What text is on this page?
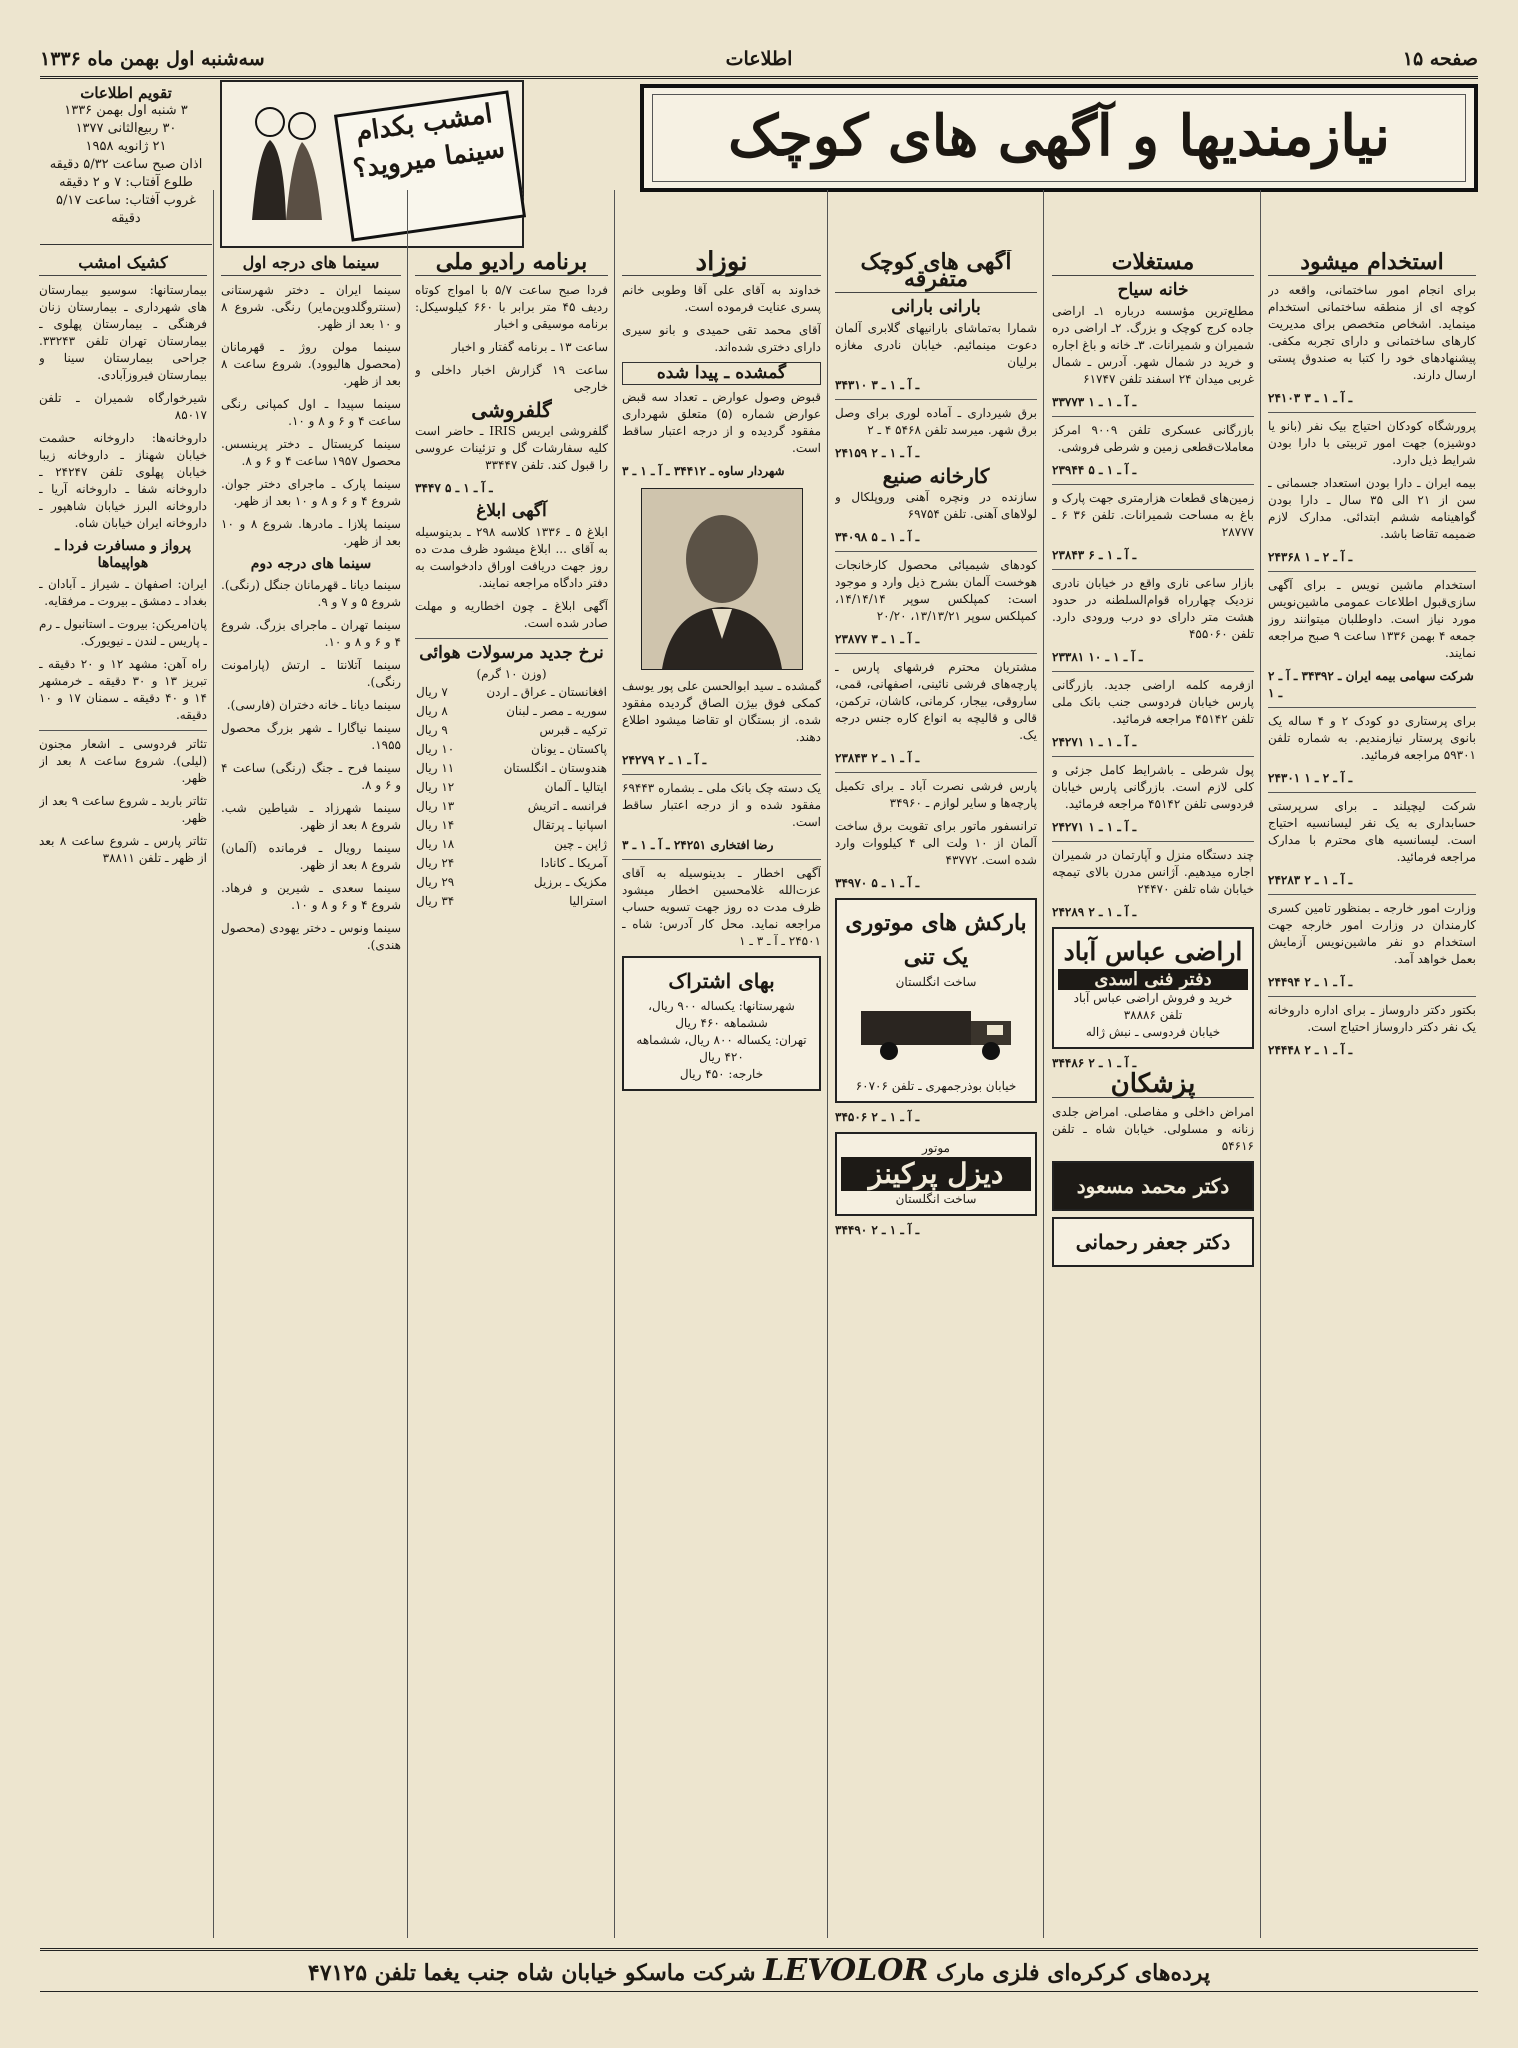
صفحه ۱۵
اطلاعات
سه‌شنبه اول بهمن ماه ۱۳۳۶
تقویم اطلاعات
۳ شنبه اول بهمن ۱۳۳۶
۳۰ ربیع‌الثانی ۱۳۷۷
۲۱ ژانویه ۱۹۵۸
اذان صبح ساعت ۵/۳۲ دقیقه
طلوع آفتاب: ۷ و ۲ دقیقه
غروب آفتاب: ساعت ۵/۱۷ دقیقه
امشب بکدام سینما میروید؟	نیازمندیها و آگهی های کوچک
استخدام میشود
برای انجام امور ساختمانی، واقعه در کوچه ای از منطقه ساختمانی استخدام مینماید. اشخاص متخصص برای مدیریت کارهای ساختمانی و دارای تجربه مکفی. پیشنهادهای خود را کتبا به صندوق پستی ارسال دارند.
۲۴۱۰۳ ـ آ ـ ۱ ـ ۳
پرورشگاه کودکان احتیاج بیک نفر (بانو یا دوشیزه) جهت امور تربیتی با دارا بودن شرایط ذیل دارد.
بیمه ایران ـ دارا بودن استعداد جسمانی ـ سن از ۲۱ الی ۳۵ سال ـ دارا بودن گواهینامه ششم ابتدائی. مدارک لازم ضمیمه تقاضا باشد.
۲۴۳۶۸ ـ آ ـ ۲ ـ ۱
استخدام ماشین نویس ـ برای آگهی سازی‌قبول اطلاعات عمومی ماشین‌نویس مورد نیاز است. داوطلبان میتوانند روز جمعه ۴ بهمن ۱۳۳۶ ساعت ۹ صبح مراجعه نمایند.
شرکت سهامی بیمه ایران ـ ۳۴۳۹۲ ـ آ ـ ۲ ـ ۱
برای پرستاری دو کودک ۲ و ۴ ساله یک بانوی پرستار نیازمندیم. به شماره تلفن ۵۹۳۰۱ مراجعه فرمائید.
۲۴۳۰۱ ـ آ ـ ۲ ـ ۱
شرکت لیچیلند ـ برای سرپرستی حسابداری به یک نفر لیسانسیه احتیاج است. لیسانسیه های محترم با مدارک مراجعه فرمائید.
۲۴۲۸۳ ـ آ ـ ۱ ـ ۲
وزارت امور خارجه ـ بمنظور تامین کسری کارمندان در وزارت امور خارجه جهت استخدام دو نفر ماشین‌نویس آزمایش بعمل خواهد آمد.
۲۴۴۹۴ ـ آ ـ ۱ ـ ۲
بکتور دکتر داروساز ـ برای اداره داروخانه یک نفر دکتر داروساز احتیاج است.
۲۴۴۴۸ ـ آ ـ ۱ ـ ۲
مستغلات
خانه سیاح
مطلع‌ترین مؤسسه درباره ۱ـ اراضی جاده کرج کوچک و بزرگ. ۲ـ اراضی دره شمیران و شمیرانات. ۳ـ خانه و باغ اجاره و خرید در شمال شهر. آدرس ـ شمال غربی میدان ۲۴ اسفند تلفن ۶۱۷۴۷
۳۳۷۷۳ ـ آ ـ ۱ ـ ۱
بازرگانی عسکری تلفن ۹۰۰۹ امرکز معاملات‌قطعی زمین و شرطی فروشی.
۲۳۹۴۴ ـ آ ـ ۱ ـ ۵
زمین‌های قطعات هزارمتری جهت پارک و باغ به مساحت شمیرانات. تلفن ۳۶ ۶ ـ ۲۸۷۷۷
۲۳۸۴۳ ـ آ ـ ۱ ـ ۶
بازار ساعی ناری واقع در خیابان نادری نزدیک چهارراه قوام‌السلطنه در حدود هشت متر دارای دو درب ورودی دارد. تلفن ۴۵۵۰۶۰
۲۳۳۸۱ ـ آ ـ ۱ ـ ۱۰
ازفرمه کلمه اراضی جدید. بازرگانی پارس خیابان فردوسی جنب بانک ملی تلفن ۴۵۱۴۲ مراجعه فرمائید.
۲۴۲۷۱ ـ آ ـ ۱ ـ ۱
پول شرطی ـ باشرایط کامل جزئی و کلی لازم است. بازرگانی پارس خیابان فردوسی تلفن ۴۵۱۴۲ مراجعه فرمائید.
۲۴۲۷۱ ـ آ ـ ۱ ـ ۱
چند دستگاه منزل و آپارتمان در شمیران اجاره میدهیم. آژانس مدرن بالای تیمچه خیابان شاه تلفن ۲۴۴۷۰
۲۴۲۸۹ ـ آ ـ ۱ ـ ۲
اراضی عباس آباد
دفتر فنی اسدی
خرید و فروش اراضی عباس آباد
تلفن ۳۸۸۸۶
خیابان فردوسی ـ نبش ژاله
۳۴۴۸۶ ـ آ ـ ۱ ـ ۲
پزشکان
امراض داخلی و مفاصلی. امراض جلدی زنانه و مسلولی. خیابان شاه ـ تلفن ۵۴۶۱۶
دکتر محمد مسعود
دکتر جعفر رحمانی
آگهی های کوچک متفرقه
بارانی بارانی
شمارا به‌تماشای بارانیهای گلابری آلمان دعوت مینمائیم. خیابان نادری مغازه برلیان
۳۴۳۱۰ ـ آ ـ ۱ ـ ۳
برق شیرداری ـ آماده لوری برای وصل برق شهر. میرسد تلفن ۵۴۶۸ ۴ ـ ۲
۲۴۱۵۹ ـ آ ـ ۱ ـ ۲
کارخانه صنیع
سازنده در ونچره آهنی وروپلکال و لولاهای آهنی. تلفن ۶۹۷۵۴
۳۴۰۹۸ ـ آ ـ ۱ ـ ۵
کودهای شیمیائی محصول کارخانجات هوخست آلمان بشرح ذیل وارد و موجود است: کمپلکس سوپر ۱۴/۱۴/۱۴، کمپلکس سوپر ۱۳/۱۳/۲۱، ۲۰/۲۰
۲۳۸۷۷ ـ آ ـ ۱ ـ ۳
مشتریان محترم فرشهای پارس ـ پارچه‌های فرشی نائینی، اصفهانی، قمی، ساروقی، بیجار، کرمانی، کاشان، ترکمن، قالی و قالیچه به انواع کاره جنس درجه یک.
۲۳۸۴۳ ـ آ ـ ۱ ـ ۲
پارس فرشی نصرت آباد ـ برای تکمیل پارچه‌ها و سایر لوازم ـ ۳۴۹۶۰
ترانسفور ماتور برای تقویت برق ساخت آلمان از ۱۰ ولت الی ۴ کیلووات وارد شده است. ۴۳۷۷۲
۳۴۹۷۰ ـ آ ـ ۱ ـ ۵
بارکش های موتوری یک تنی
ساخت انگلستان
خیابان بوذرجمهری ـ تلفن ۶۰۷۰۶
۳۴۵۰۶ ـ آ ـ ۱ ـ ۲
موتور
دیزل پرکینز
ساخت انگلستان
۳۴۴۹۰ ـ آ ـ ۱ ـ ۲
نوزاد
خداوند به آقای علی آقا وطوبی خانم پسری عنایت فرموده است.
آقای محمد تقی حمیدی و بانو سیری دارای دختری شده‌اند.
گمشده ـ پیدا شده
قبوض وصول عوارض ـ تعداد سه قبض عوارض شماره (۵) متعلق شهرداری مفقود گردیده و از درجه اعتبار ساقط است.
شهردار ساوه ـ ۳۴۴۱۲ ـ آ ـ ۱ ـ ۳
گمشده ـ سید ابوالحسن علی پور یوسف کمکی فوق بیژن الصاق گردیده مفقود شده. از بستگان او تقاضا میشود اطلاع دهند.
۲۴۲۷۹ ـ آ ـ ۱ ـ ۲
یک دسته چک بانک ملی ـ بشماره ۶۹۴۴۳ مفقود شده و از درجه اعتبار ساقط است.
رضا افتخاری ۲۴۲۵۱ ـ آ ـ ۱ ـ ۳
آگهی اخطار ـ بدینوسیله به آقای عزت‌الله غلامحسین اخطار میشود ظرف مدت ده روز جهت تسویه حساب مراجعه نماید. محل کار آدرس: شاه ـ ۲۴۵۰۱ ـ آ ـ ۳ ـ ۱
بهای اشتراک
شهرستانها: یکساله ۹۰۰ ریال، ششماهه ۴۶۰ ریال
تهران: یکساله ۸۰۰ ریال، ششماهه ۴۲۰ ریال
خارجه: ۴۵۰ ریال
برنامه رادیو ملی
فردا صبح ساعت ۵/۷ با امواج کوتاه ردیف ۴۵ متر برابر با ۶۶۰ کیلوسیکل: برنامه موسیقی و اخبار
ساعت ۱۳ ـ برنامه گفتار و اخبار
ساعت ۱۹ گزارش اخبار داخلی و خارجی
گلفروشی
گلفروشی ایریس IRIS ـ حاضر است کلیه سفارشات گل و تزئینات عروسی را قبول کند. تلفن ۳۳۴۴۷
۳۴۴۷ ـ آ ـ ۱ ـ ۵
آگهی ابلاغ
ابلاغ ۵ ـ ۱۳۳۶ کلاسه ۲۹۸ ـ بدینوسیله به آقای ... ابلاغ میشود ظرف مدت ده روز جهت دریافت اوراق دادخواست به دفتر دادگاه مراجعه نمایند.
آگهی ابلاغ ـ چون اخطاریه و مهلت صادر شده است.
نرخ جدید مرسولات هوائی
(وزن ۱۰ گرم)
افغانستان ـ عراق ـ اردن	۷ ریال
سوریه ـ مصر ـ لبنان	۸ ریال
ترکیه ـ قبرس	۹ ریال
پاکستان ـ یونان	۱۰ ریال
هندوستان ـ انگلستان	۱۱ ریال
ایتالیا ـ آلمان	۱۲ ریال
فرانسه ـ اتریش	۱۳ ریال
اسپانیا ـ پرتقال	۱۴ ریال
ژاپن ـ چین	۱۸ ریال
آمریکا ـ کانادا	۲۴ ریال
مکزیک ـ برزیل	۲۹ ریال
استرالیا	۳۴ ریال
سینما های درجه اول
سینما ایران ـ دختر شهرستانی (سنتروگلدوین‌مایر) رنگی. شروع ۸ و ۱۰ بعد از ظهر.
سینما مولن روژ ـ قهرمانان (محصول هالیوود). شروع ساعت ۸ بعد از ظهر.
سینما سپیدا ـ اول کمپانی رنگی ساعت ۴ و ۶ و ۸ و ۱۰.
سینما کریستال ـ دختر پرینسس. محصول ۱۹۵۷ ساعت ۴ و ۶ و ۸.
سینما پارک ـ ماجرای دختر جوان. شروع ۴ و ۶ و ۸ و ۱۰ بعد از ظهر.
سینما پلازا ـ مادرها. شروع ۸ و ۱۰ بعد از ظهر.
سینما های درجه دوم
سینما دیانا ـ قهرمانان جنگل (رنگی). شروع ۵ و ۷ و ۹.
سینما تهران ـ ماجرای بزرگ. شروع ۴ و ۶ و ۸ و ۱۰.
سینما آتلانتا ـ ارتش (پارامونت رنگی).
سینما دیانا ـ خانه دختران (فارسی).
سینما نیاگارا ـ شهر بزرگ محصول ۱۹۵۵.
سینما فرح ـ جنگ (رنگی) ساعت ۴ و ۶ و ۸.
سینما شهرزاد ـ شیاطین شب. شروع ۸ بعد از ظهر.
سینما رویال ـ فرمانده (آلمان) شروع ۸ بعد از ظهر.
سینما سعدی ـ شیرین و فرهاد. شروع ۴ و ۶ و ۸ و ۱۰.
سینما ونوس ـ دختر یهودی (محصول هندی).
کشیک امشب
بیمارستانها: سوسیو بیمارستان های شهرداری ـ بیمارستان زنان فرهنگی ـ بیمارستان پهلوی ـ بیمارستان تهران تلفن ۳۳۲۴۳. جراحی بیمارستان سینا و بیمارستان فیروزآبادی.
شیرخوارگاه شمیران ـ تلفن ۸۵۰۱۷
داروخانه‌ها: داروخانه حشمت خیابان شهناز ـ داروخانه زیبا خیابان پهلوی تلفن ۲۴۲۴۷ ـ داروخانه شفا ـ داروخانه آریا ـ داروخانه البرز خیابان شاهپور ـ داروخانه ایران خیابان شاه.
پرواز و مسافرت فردا ـ هواپیماها
ایران: اصفهان ـ شیراز ـ آبادان ـ بغداد ـ دمشق ـ بیروت ـ مرفقایه.
پان‌امریکن: بیروت ـ استانبول ـ رم ـ پاریس ـ لندن ـ نیویورک.
راه آهن: مشهد ۱۲ و ۲۰ دقیقه ـ تبریز ۱۳ و ۳۰ دقیقه ـ خرمشهر ۱۴ و ۴۰ دقیقه ـ سمنان ۱۷ و ۱۰ دقیقه.
تئاتر فردوسی ـ اشعار مجنون (لیلی). شروع ساعت ۸ بعد از ظهر.
تئاتر باربد ـ شروع ساعت ۹ بعد از ظهر.
تئاتر پارس ـ شروع ساعت ۸ بعد از ظهر ـ تلفن ۳۸۸۱۱
پرده‌های کرکره‌ای فلزی مارک LEVOLOR شرکت ماسکو خیابان شاه جنب یغما تلفن ۴۷۱۲۵
